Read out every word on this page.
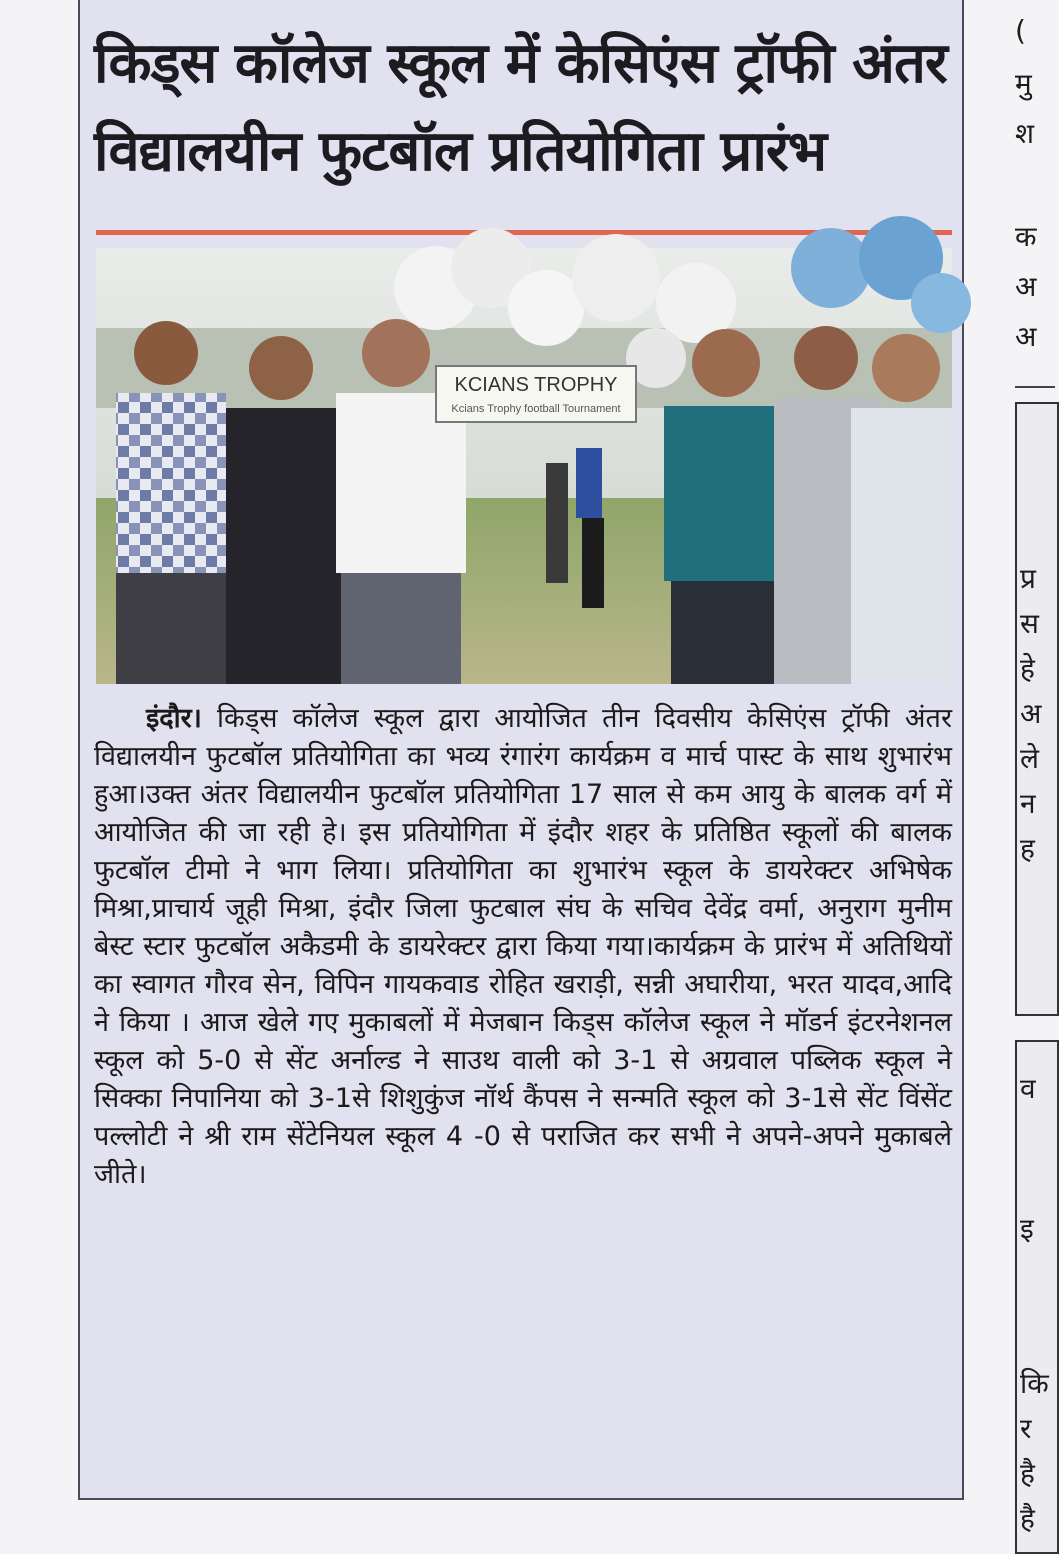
किड्स कॉलेज स्कूल में केसिएंस ट्रॉफी अंतर विद्यालयीन फुटबॉल प्रतियोगिता प्रारंभ
KCIANS TROPHY
Kcians Trophy football Tournament

इंदौर। किड्स कॉलेज स्कूल द्वारा आयोजित तीन दिवसीय केसिएंस ट्रॉफी अंतर विद्यालयीन फुटबॉल प्रतियोगिता का भव्य रंगारंग कार्यक्रम व मार्च पास्ट के साथ शुभारंभ हुआ।उक्त अंतर विद्यालयीन फुटबॉल प्रतियोगिता 17 साल से कम आयु के बालक वर्ग में आयोजित की जा रही हे। इस प्रतियोगिता में इंदौर शहर के प्रतिष्ठित स्कूलों की बालक फुटबॉल टीमो ने भाग लिया। प्रतियोगिता का शुभारंभ स्कूल के डायरेक्टर अभिषेक मिश्रा,प्राचार्य जूही मिश्रा, इंदौर जिला फुटबाल संघ के सचिव देवेंद्र वर्मा, अनुराग मुनीम बेस्ट स्टार फुटबॉल अकैडमी के डायरेक्टर द्वारा किया गया।कार्यक्रम के प्रारंभ में अतिथियों का स्वागत गौरव सेन, विपिन गायकवाड रोहित खराड़ी, सन्नी अघारीया, भरत यादव,आदि ने किया । आज खेले गए मुकाबलों में मेजबान किड्स कॉलेज स्कूल ने मॉडर्न इंटरनेशनल स्कूल को 5-0 से सेंट अर्नाल्ड ने साउथ वाली को 3-1 से अग्रवाल पब्लिक स्कूल ने सिक्का निपानिया को 3-1से शिशुकुंज नॉर्थ कैंपस ने सन्मति स्कूल को 3-1से सेंट विंसेंट पल्लोटी ने श्री राम सेंटेनियल स्कूल 4 -0 से पराजित कर सभी ने अपने-अपने मुकाबले जीते।

(
मु
श
क
अ
अ
प्र
स
हे
अ
ले
न
ह
व
इ
कि
र
है
है
